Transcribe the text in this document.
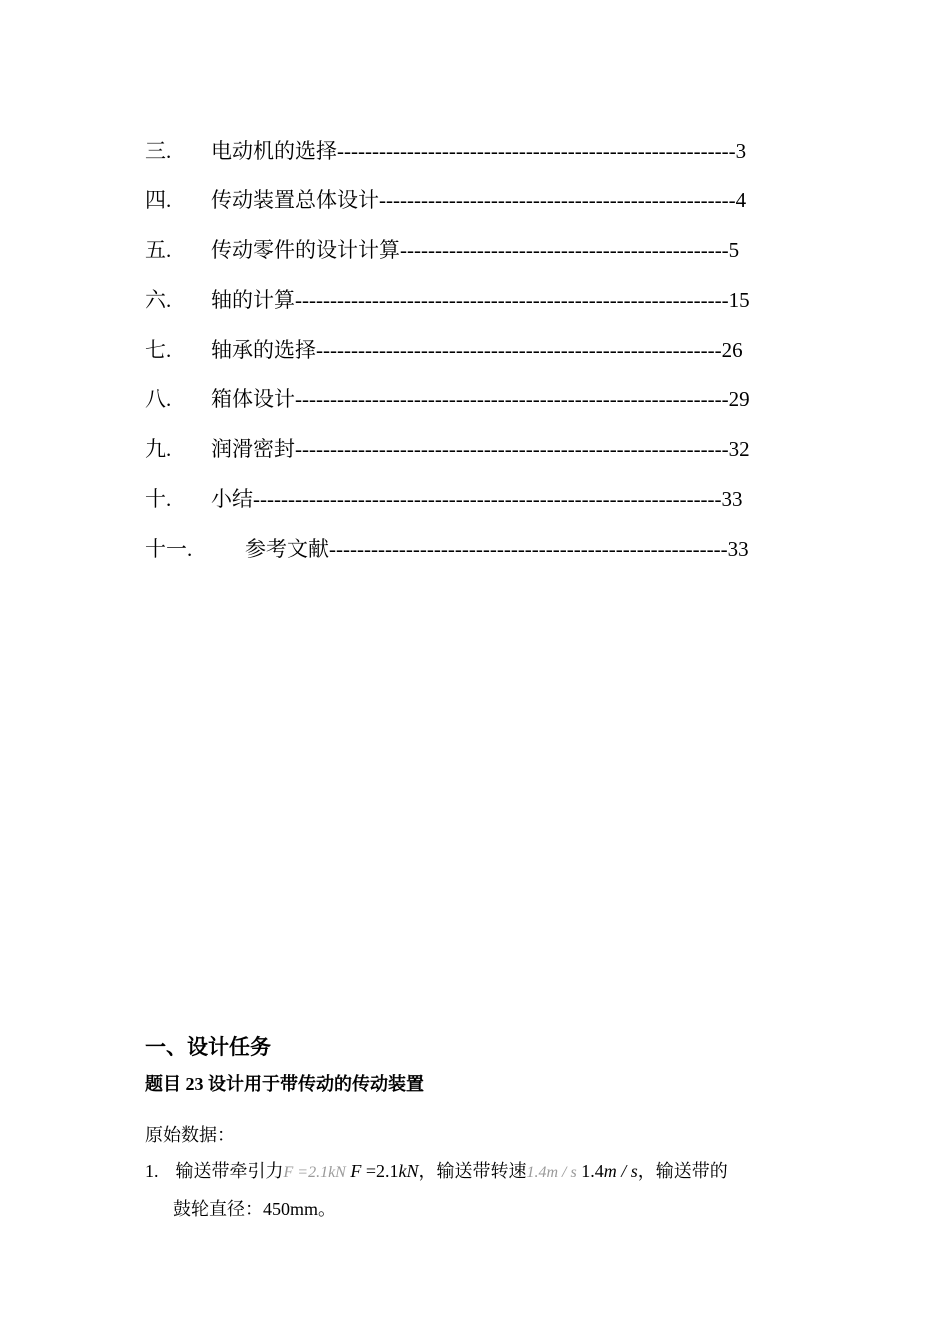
三. 电动机的选择---------------------------------------------------------3
四. 传动装置总体设计---------------------------------------------------4
五. 传动零件的设计计算-----------------------------------------------5
六. 轴的计算--------------------------------------------------------------15
七. 轴承的选择----------------------------------------------------------26
八. 箱体设计--------------------------------------------------------------29
九. 润滑密封--------------------------------------------------------------32
十. 小结-------------------------------------------------------------------33
十一.	参考文献---------------------------------------------------------33
一、设计任务
题目 23 设计用于带传动的传动装置
原始数据：
1. 输送带牵引力F =2.1kN F =2.1kN，输送带转速1.4m / s 1.4m / s，输送带的
鼓轮直径：450mm。
